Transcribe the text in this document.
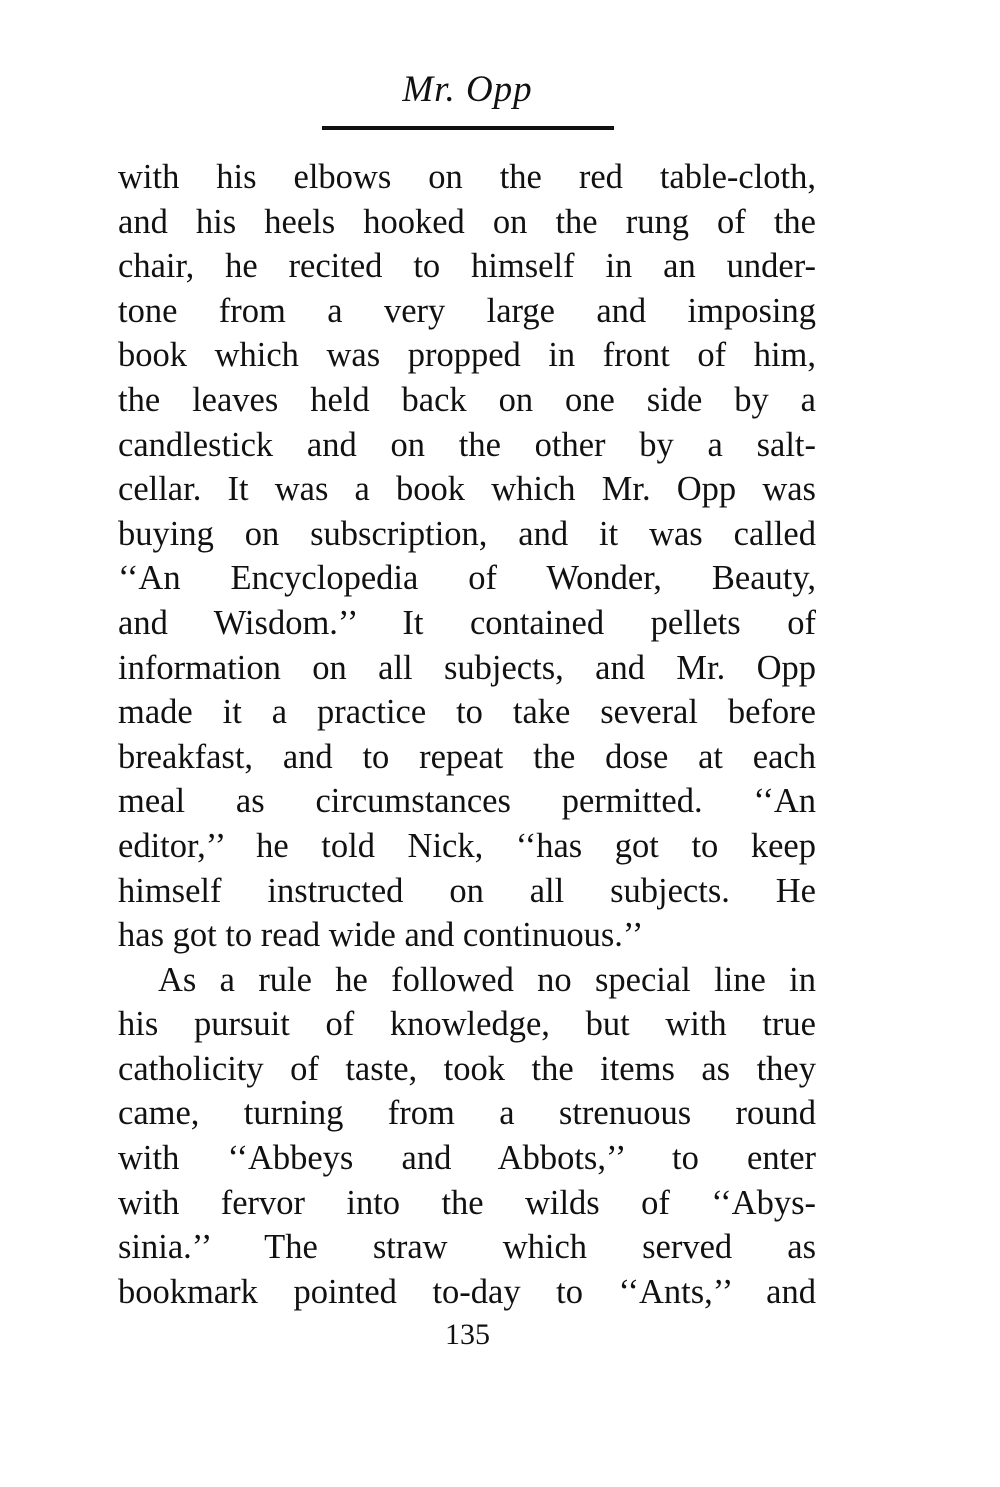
Mr. Opp
with his elbows on the red table-cloth,
and his heels hooked on the rung of the
chair, he recited to himself in an under-
tone from a very large and imposing
book which was propped in front of him,
the leaves held back on one side by a
candlestick and on the other by a salt-
cellar. It was a book which Mr. Opp was
buying on subscription, and it was called
‘‘An Encyclopedia of Wonder, Beauty,
and Wisdom.’’ It contained pellets of
information on all subjects, and Mr. Opp
made it a practice to take several before
breakfast, and to repeat the dose at each
meal as circumstances permitted. ‘‘An
editor,’’ he told Nick, ‘‘has got to keep
himself instructed on all subjects. He
has got to read wide and continuous.’’
As a rule he followed no special line in
his pursuit of knowledge, but with true
catholicity of taste, took the items as they
came, turning from a strenuous round
with ‘‘Abbeys and Abbots,’’ to enter
with fervor into the wilds of ‘‘Abys-
sinia.’’ The straw which served as
bookmark pointed to-day to ‘‘Ants,’’ and
135
